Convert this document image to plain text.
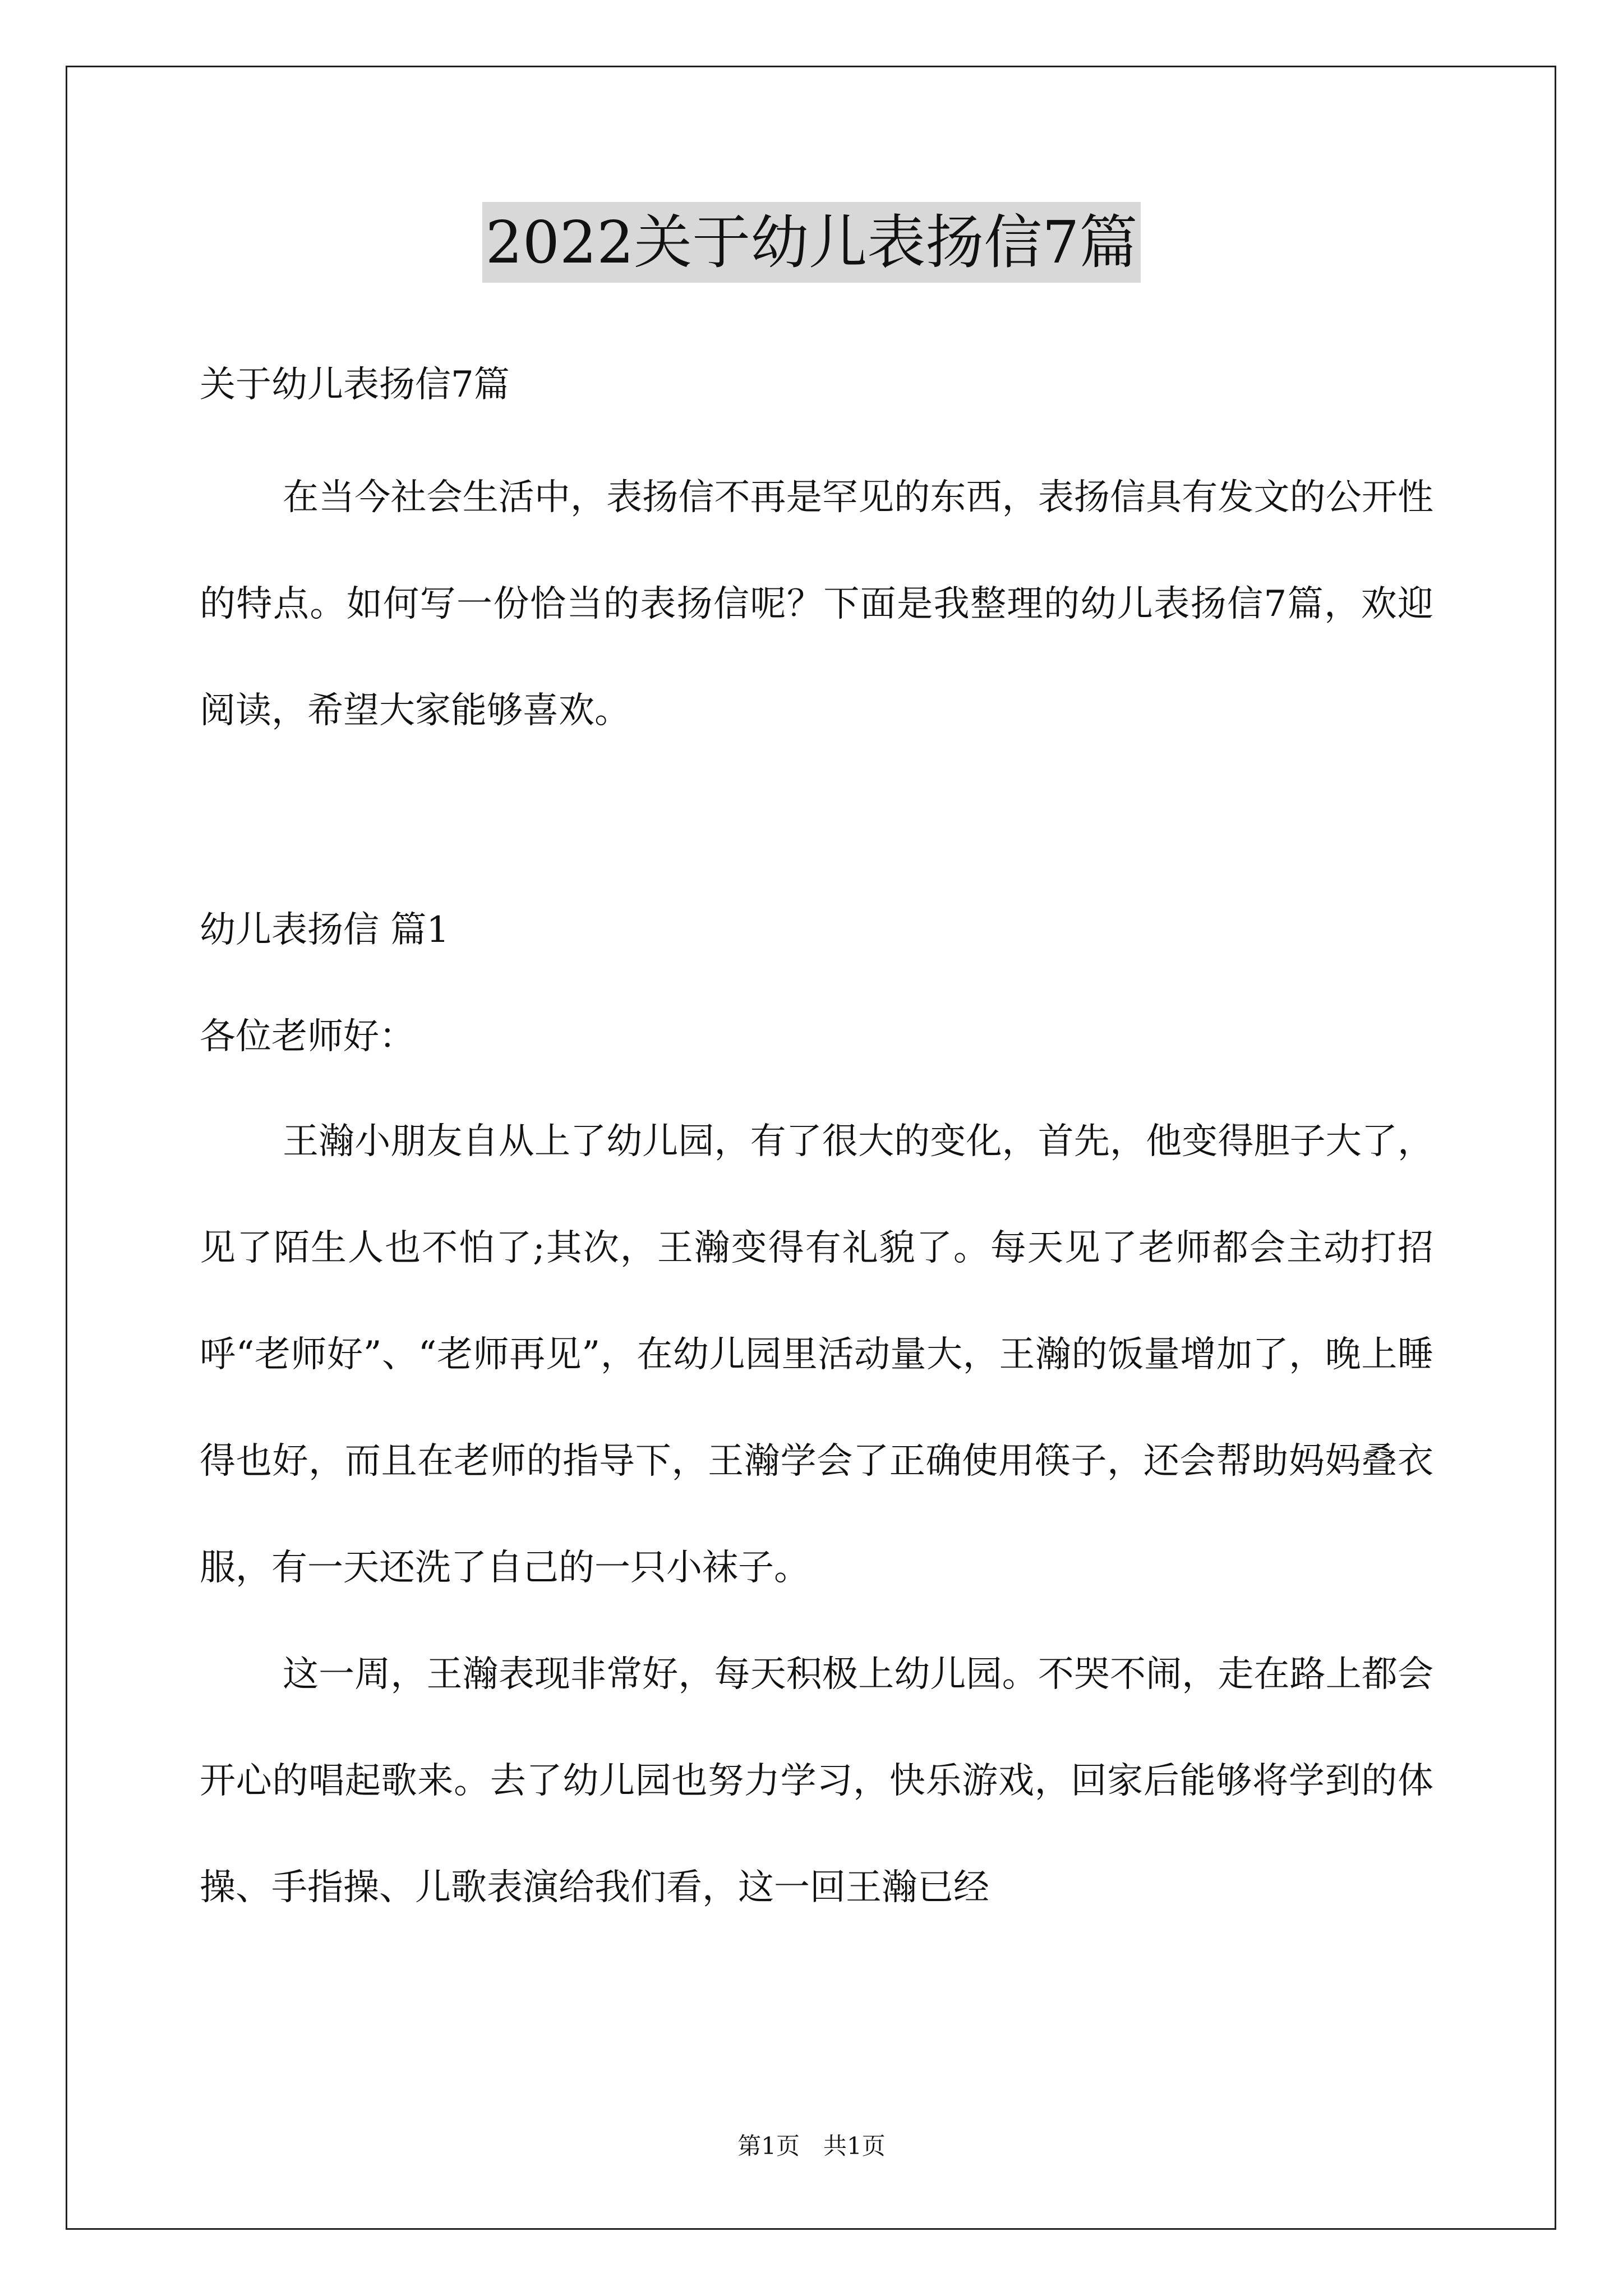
2022关于幼儿表扬信7篇
关于幼儿表扬信7篇
在当今社会生活中，表扬信不再是罕见的东西，表扬信具有发文的公开性的特点。如何写一份恰当的表扬信呢？下面是我整理的幼儿表扬信7篇，欢迎阅读，希望大家能够喜欢。
幼儿表扬信 篇1
各位老师好：
王瀚小朋友自从上了幼儿园，有了很大的变化，首先，他变得胆子大了，见了陌生人也不怕了;其次，王瀚变得有礼貌了。每天见了老师都会主动打招呼“老师好”、“老师再见”，在幼儿园里活动量大，王瀚的饭量增加了，晚上睡得也好，而且在老师的指导下，王瀚学会了正确使用筷子，还会帮助妈妈叠衣服，有一天还洗了自己的一只小袜子。
这一周，王瀚表现非常好，每天积极上幼儿园。不哭不闹，走在路上都会开心的唱起歌来。去了幼儿园也努力学习，快乐游戏，回家后能够将学到的体操、手指操、儿歌表演给我们看，这一回王瀚已经
第1页　共1页
